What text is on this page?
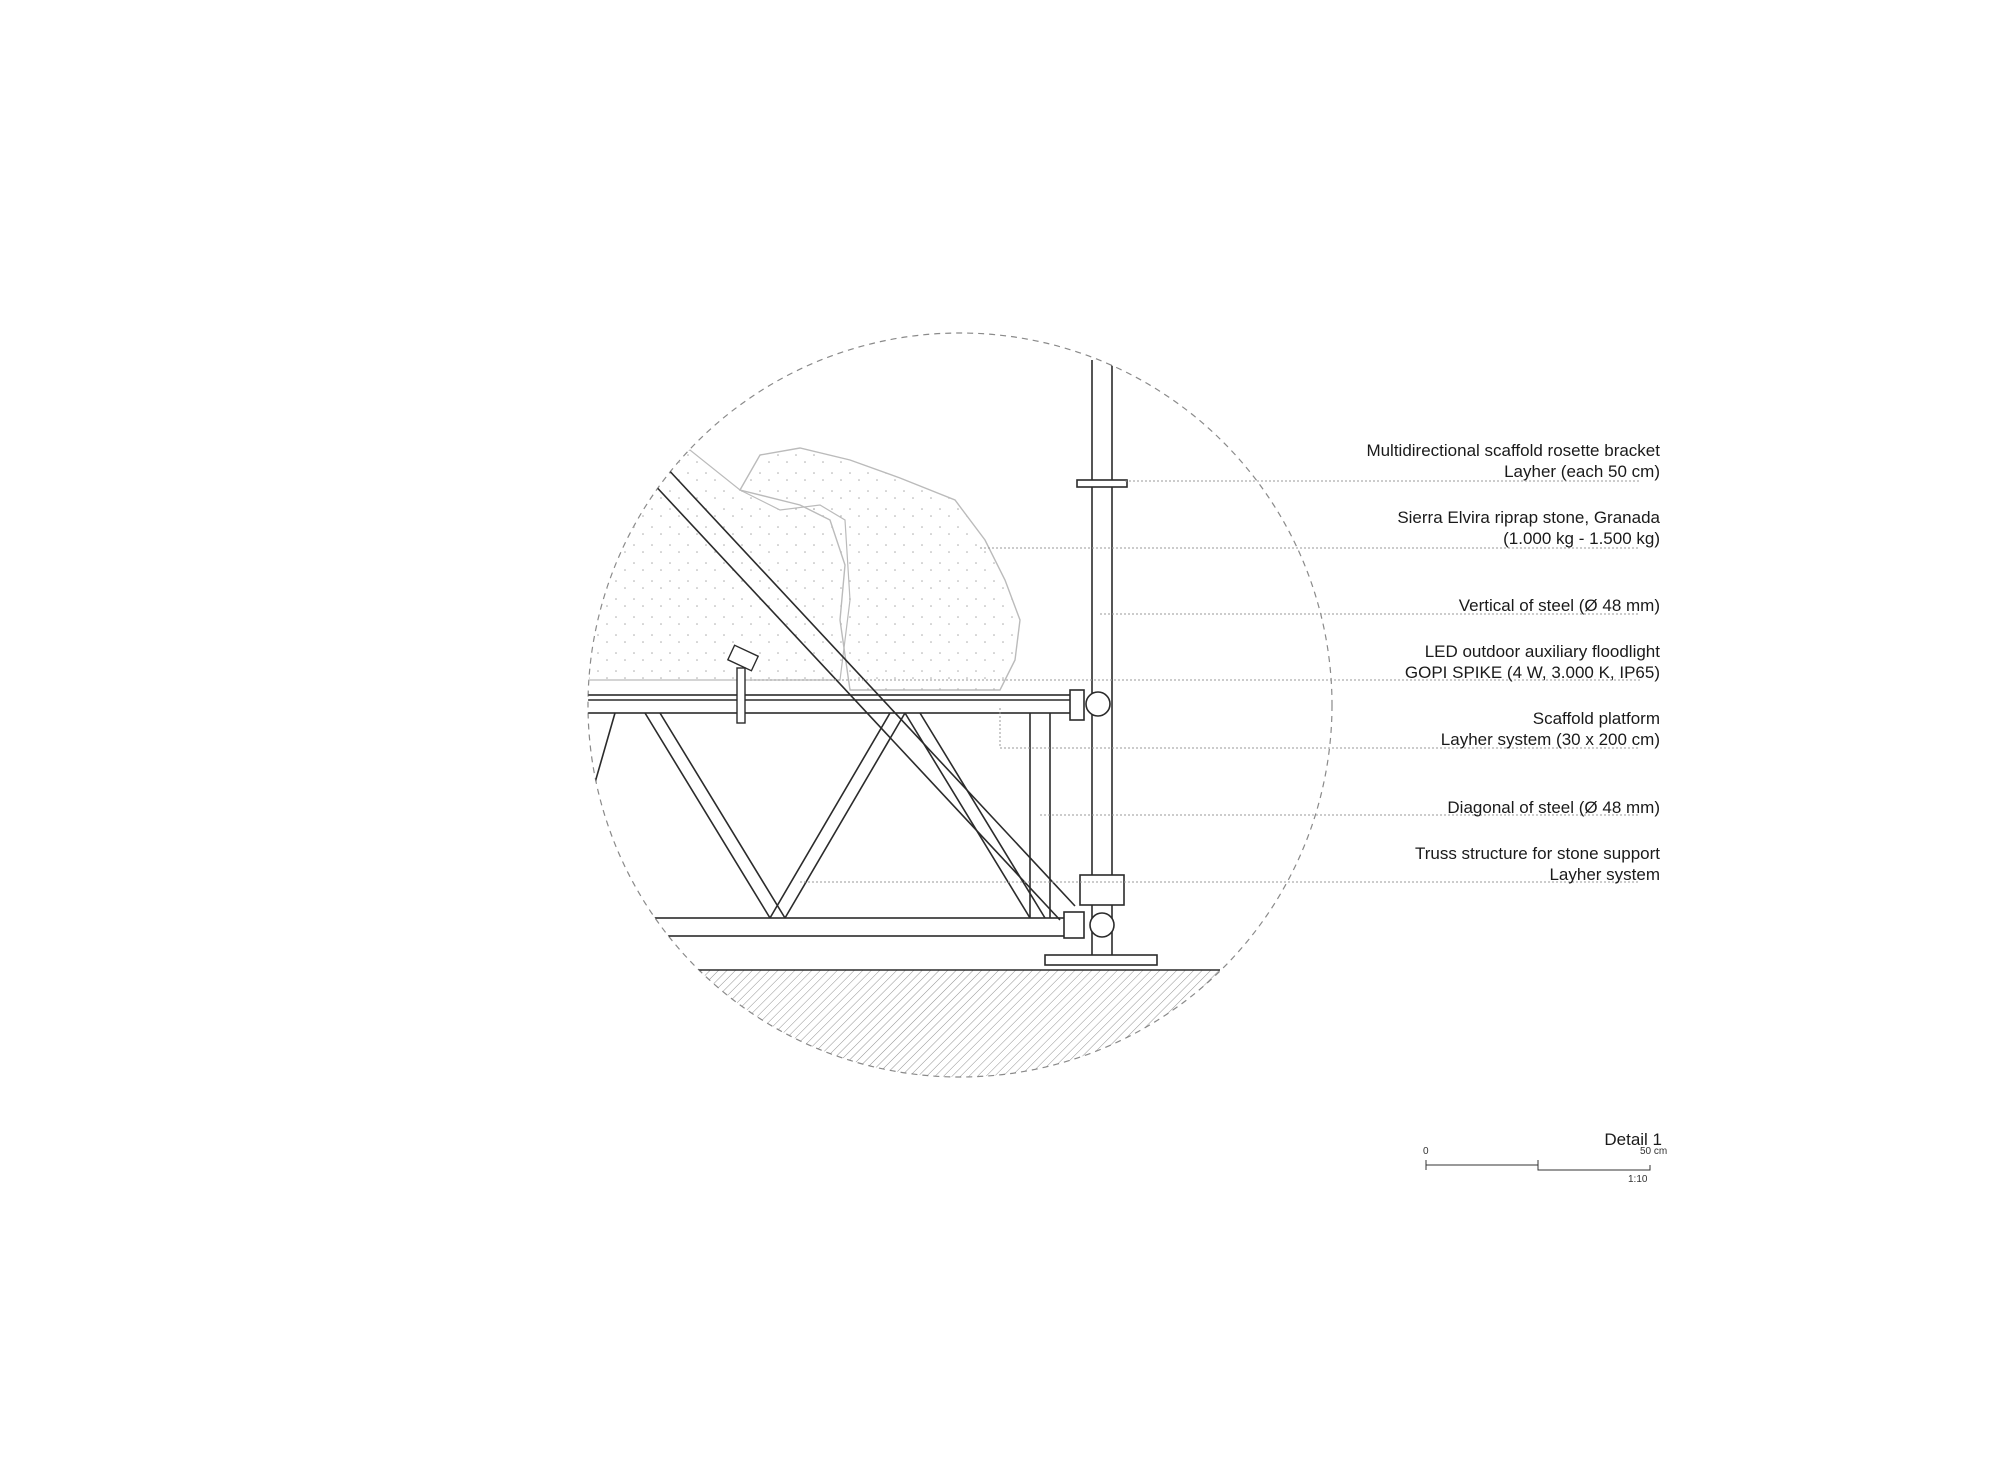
Multidirectional scaffold rosette bracket
Layher (each 50 cm)
Sierra Elvira riprap stone, Granada
(1.000 kg - 1.500 kg)
Vertical of steel (Ø 48 mm)
LED outdoor auxiliary floodlight
GOPI SPIKE (4 W, 3.000 K, IP65)
Scaffold platform
Layher system (30 x 200 cm)
Diagonal of steel (Ø 48 mm)
Truss structure for stone support
Layher system
Detail 1
0	50 cm
1:10
